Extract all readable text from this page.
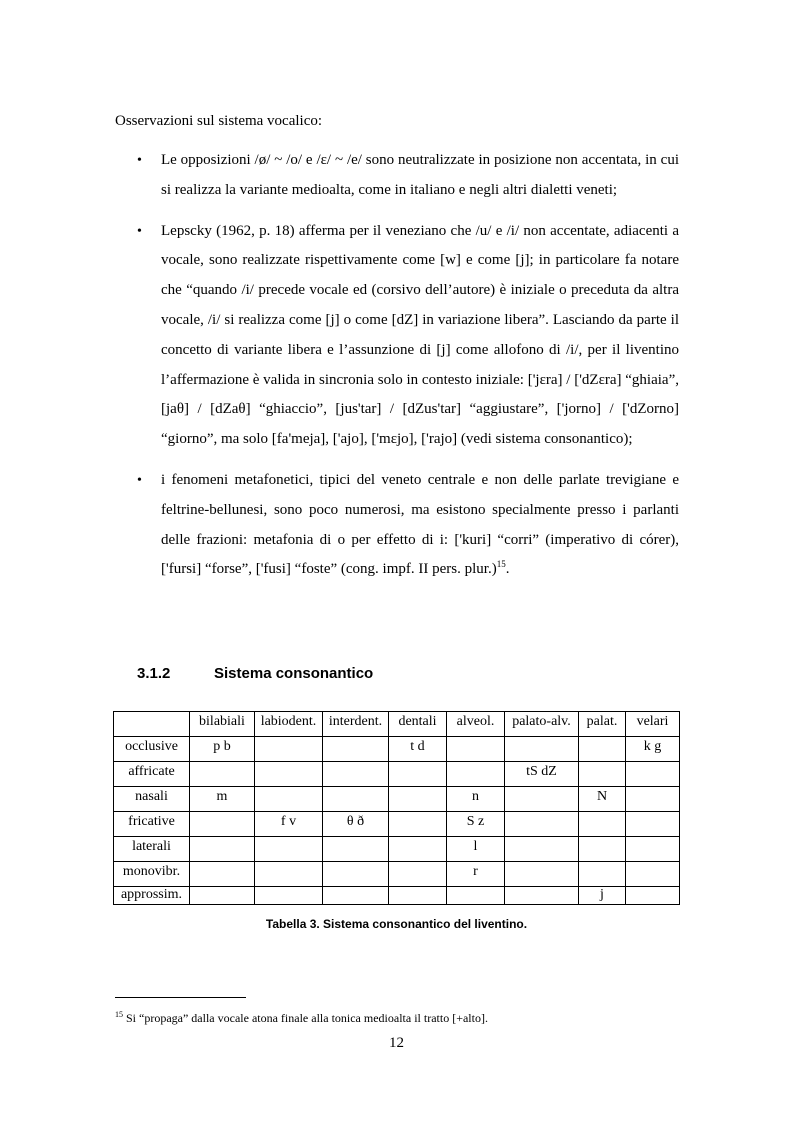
Osservazioni sul sistema vocalico:
• Le opposizioni /ø/ ~ /o/ e /ɛ/ ~ /e/ sono neutralizzate in posizione non accentata, in cui si realizza la variante medioalta, come in italiano e negli altri dialetti veneti;

• Lepscky (1962, p. 18) afferma per il veneziano che /u/ e /i/ non accentate, adiacenti a vocale, sono realizzate rispettivamente come [w] e come [j]; in particolare fa notare che “quando /i/ precede vocale ed (corsivo dell’autore) è iniziale o preceduta da altra vocale, /i/ si realizza come [j] o come [dZ] in variazione libera”. Lasciando da parte il concetto di variante libera e l’assunzione di [j] come allofono di /i/, per il liventino l’affermazione è valida in sincronia solo in contesto iniziale: ['jɛra] / ['dZɛra] “ghiaia”, [jaθ] / [dZaθ] “ghiaccio”, [jus'tar] / [dZus'tar] “aggiustare”, ['jorno] / ['dZorno] “giorno”, ma solo [fa'meja], ['ajo], ['mɛjo], ['rajo] (vedi sistema consonantico);

• i fenomeni metafonetici, tipici del veneto centrale e non delle parlate trevigiane e feltrine-bellunesi, sono poco numerosi, ma esistono specialmente presso i parlanti delle frazioni: metafonia di o per effetto di i: ['kuri] “corri” (imperativo di córer), ['fursi] “forse”, ['fusi] “foste” (cong. impf. II pers. plur.)$^{15}$.

3.1.2	Sistema consonantico
	bilabiali	labiodent.	interdent.	dentali	alveol.	palato-alv.	palat.	velari
occlusive	p b			t d				k g
affricate						tS dZ		
nasali	m				n		N	
fricative		f v	θ ð		S z			
laterali					l			
monovibr.					r			
approssim.							j	
Tabella 3. Sistema consonantico del liventino.
$^{15}$ Si “propaga” dalla vocale atona finale alla tonica medioalta il tratto [+alto].
12
